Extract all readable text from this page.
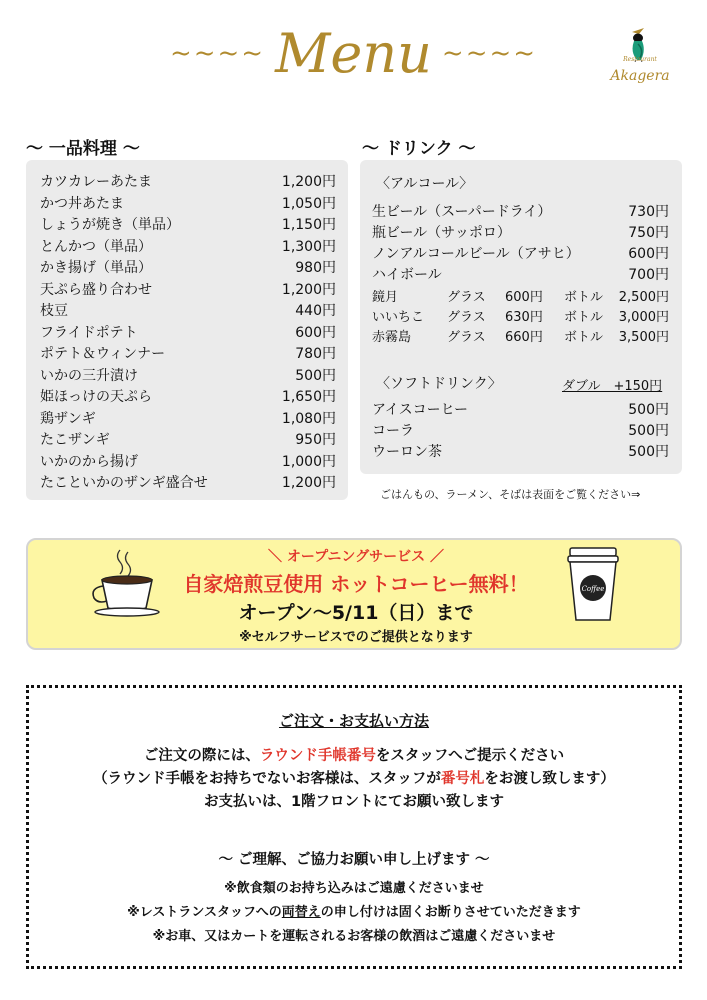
~~~~ Menu ~~~~	Restaurant
Akagera
〜 一品料理 〜
カツカレーあたま	1,200円
かつ丼あたま	1,050円
しょうが焼き（単品）	1,150円
とんかつ（単品）	1,300円
かき揚げ（単品）	980円
天ぷら盛り合わせ	1,200円
枝豆	440円
フライドポテト	600円
ポテト＆ウィンナー	780円
いかの三升漬け	500円
姫ほっけの天ぷら	1,650円
鶏ザンギ	1,080円
たこザンギ	950円
いかのから揚げ	1,000円
たこといかのザンギ盛合せ	1,200円
〜 ドリンク 〜
〈アルコール〉
生ビール（スーパードライ）	730円
瓶ビール（サッポロ）	750円
ノンアルコールビール（アサヒ）	600円
ハイボール	700円
鏡月	グラス 600円 ボトル 2,500円
いいちこ グラス 630円 ボトル 3,000円
赤霧島	グラス 660円 ボトル 3,500円
〈ソフトドリンク〉	ダブル　+150円
アイスコーヒー	500円
コーラ	500円
ウーロン茶	500円
ごはんもの、ラーメン、そばは表面をご覧ください⇒
Coffee
＼ オープニングサービス ／
自家焙煎豆使用 ホットコーヒー無料！
オープン〜5/11（日）まで
※セルフサービスでのご提供となります
ご注文・お支払い方法
ご注文の際には、ラウンド手帳番号をスタッフへご提示ください
（ラウンド手帳をお持ちでないお客様は、スタッフが番号札をお渡し致します）
お支払いは、1階フロントにてお願い致します
〜 ご理解、ご協力お願い申し上げます 〜
※飲食類のお持ち込みはご遠慮くださいませ
※レストランスタッフへの両替えの申し付けは固くお断りさせていただきます
※お車、又はカートを運転されるお客様の飲酒はご遠慮くださいませ
